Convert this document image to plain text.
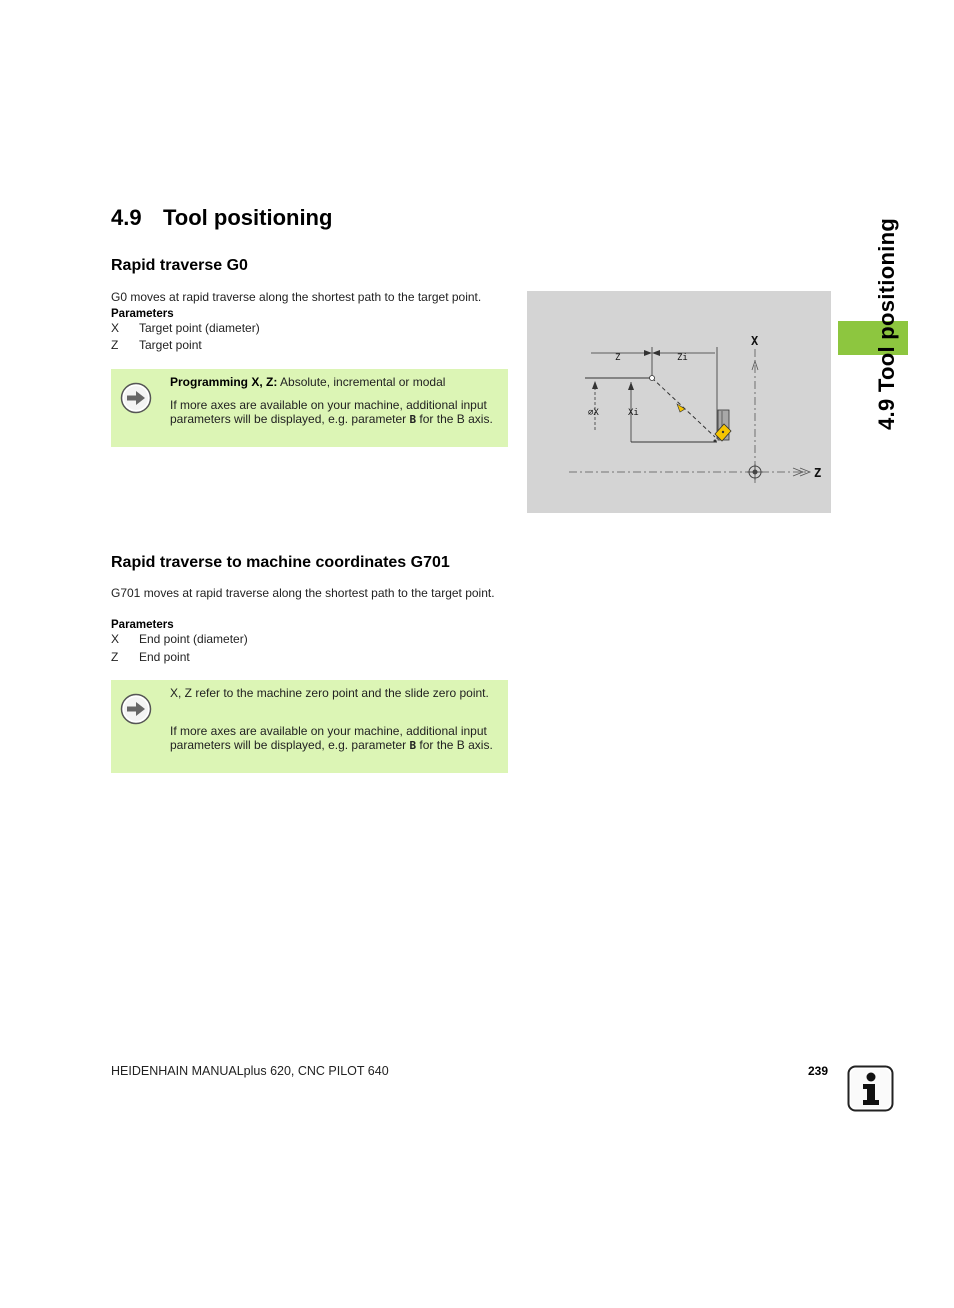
4.9 Tool positioning
4.9 Tool positioning
Rapid traverse G0

G0 moves at rapid traverse along the shortest path to the target point.

Parameters
X Target point (diameter)
Z Target point

Programming X, Z: Absolute, incremental or modal

If more axes are available on your machine, additional input parameters will be displayed, e.g. parameter B for the B axis.

X
Z
Z	Zi
⌀X	Xi
Rapid traverse to machine coordinates G701

G701 moves at rapid traverse along the shortest path to the target point.

Parameters
X End point (diameter)
Z End point

X, Z refer to the machine zero point and the slide zero point.

If more axes are available on your machine, additional input parameters will be displayed, e.g. parameter B for the B axis.

HEIDENHAIN MANUALplus 620, CNC PILOT 640	239
